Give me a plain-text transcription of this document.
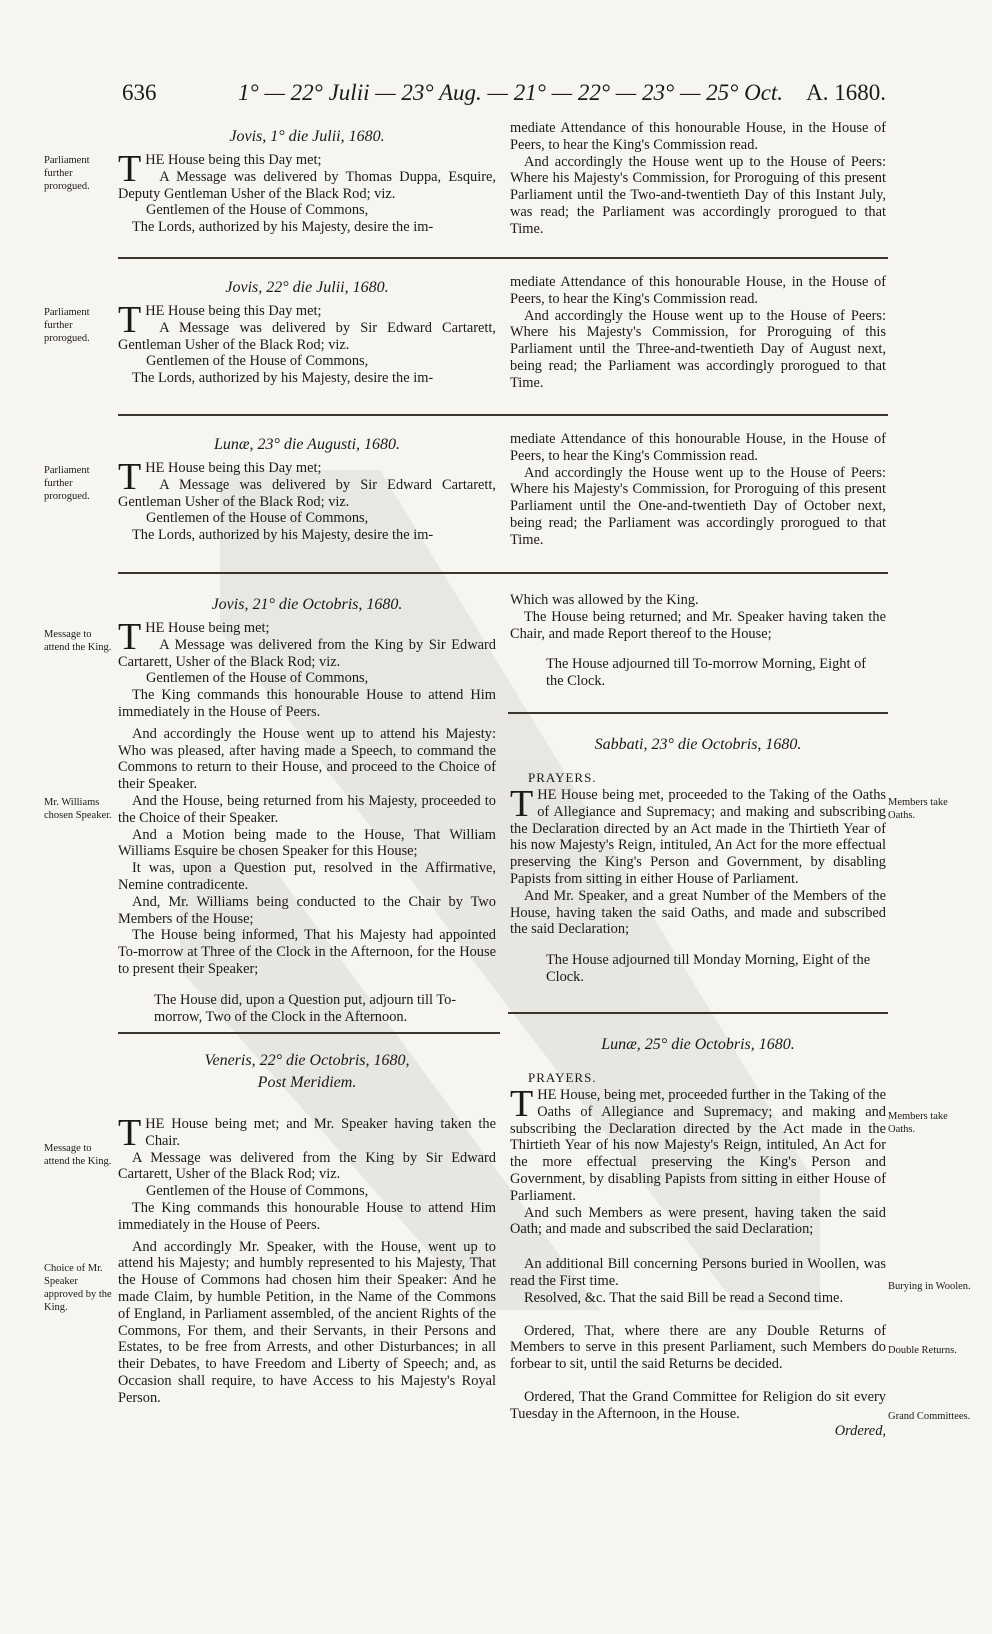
636	1° — 22° Julii — 23° Aug. — 21° — 22° — 23° — 25° Oct. A. 1680.
Parliament further prorogued.
Jovis, 1° die Julii, 1680.
T HE House being this Day met;

A Message was delivered by Thomas Duppa, Esquire, Deputy Gentleman Usher of the Black Rod; viz.

Gentlemen of the House of Commons,

The Lords, authorized by his Majesty, desire the im-

mediate Attendance of this honourable House, in the House of Peers, to hear the King's Commission read.

And accordingly the House went up to the House of Peers: Where his Majesty's Commission, for Proroguing of this present Parliament until the Two-and-twentieth Day of this Instant July, was read; the Parliament was accordingly prorogued to that Time.

Parliament further prorogued.
Jovis, 22° die Julii, 1680.
T HE House being this Day met;

A Message was delivered by Sir Edward Cartarett, Gentleman Usher of the Black Rod; viz.

Gentlemen of the House of Commons,

The Lords, authorized by his Majesty, desire the im-

mediate Attendance of this honourable House, in the House of Peers, to hear the King's Commission read.

And accordingly the House went up to the House of Peers: Where his Majesty's Commission, for Proroguing of this Parliament until the Three-and-twentieth Day of August next, being read; the Parliament was accordingly prorogued to that Time.

Parliament further prorogued.
Lunæ, 23° die Augusti, 1680.
T HE House being this Day met;

A Message was delivered by Sir Edward Cartarett, Gentleman Usher of the Black Rod; viz.

Gentlemen of the House of Commons,

The Lords, authorized by his Majesty, desire the im-

mediate Attendance of this honourable House, in the House of Peers, to hear the King's Commission read.

And accordingly the House went up to the House of Peers: Where his Majesty's Commission, for Proroguing of this present Parliament until the One-and-twentieth Day of October next, being read; the Parliament was accordingly prorogued to that Time.

Message to attend the King.
Mr. Williams chosen Speaker.
Jovis, 21° die Octobris, 1680.
T HE House being met;

A Message was delivered from the King by Sir Edward Cartarett, Usher of the Black Rod; viz.

Gentlemen of the House of Commons,

The King commands this honourable House to attend Him immediately in the House of Peers.

And accordingly the House went up to attend his Majesty: Who was pleased, after having made a Speech, to command the Commons to return to their House, and proceed to the Choice of their Speaker.

And the House, being returned from his Majesty, proceeded to the Choice of their Speaker.

And a Motion being made to the House, That William Williams Esquire be chosen Speaker for this House;

It was, upon a Question put, resolved in the Affirmative, Nemine contradicente.

And, Mr. Williams being conducted to the Chair by Two Members of the House;

The House being informed, That his Majesty had appointed To-morrow at Three of the Clock in the Afternoon, for the House to present their Speaker;

The House did, upon a Question put, adjourn till To-morrow, Two of the Clock in the Afternoon.

Which was allowed by the King.

The House being returned; and Mr. Speaker having taken the Chair, and made Report thereof to the House;

The House adjourned till To-morrow Morning, Eight of the Clock.

Members take Oaths.
Sabbati, 23° die Octobris, 1680.
PRAYERS.
T HE House being met, proceeded to the Taking of the Oaths of Allegiance and Supremacy; and making and subscribing the Declaration directed by an Act made in the Thirtieth Year of his now Majesty's Reign, intituled, An Act for the more effectual preserving the King's Person and Government, by disabling Papists from sitting in either House of Parliament.

And Mr. Speaker, and a great Number of the Members of the House, having taken the said Oaths, and made and subscribed the said Declaration;

The House adjourned till Monday Morning, Eight of the Clock.

Message to attend the King.
Choice of Mr. Speaker approved by the King.
Veneris, 22° die Octobris, 1680,
Post Meridiem.
T HE House being met; and Mr. Speaker having taken the Chair.

A Message was delivered from the King by Sir Edward Cartarett, Usher of the Black Rod; viz.

Gentlemen of the House of Commons,

The King commands this honourable House to attend Him immediately in the House of Peers.

And accordingly Mr. Speaker, with the House, went up to attend his Majesty; and humbly represented to his Majesty, That the House of Commons had chosen him their Speaker: And he made Claim, by humble Petition, in the Name of the Commons of England, in Parliament assembled, of the ancient Rights of the Commons, For them, and their Servants, in their Persons and Estates, to be free from Arrests, and other Disturbances; in all their Debates, to have Freedom and Liberty of Speech; and, as Occasion shall require, to have Access to his Majesty's Royal Person.

Members take Oaths.
Burying in Woolen.
Double Returns.
Grand Committees.
Lunæ, 25° die Octobris, 1680.
PRAYERS.
T HE House, being met, proceeded further in the Taking of the Oaths of Allegiance and Supremacy; and making and subscribing the Declaration directed by the Act made in the Thirtieth Year of his now Majesty's Reign, intituled, An Act for the more effectual preserving the King's Person and Government, by disabling Papists from sitting in either House of Parliament.

And such Members as were present, having taken the said Oath; and made and subscribed the said Declaration;

An additional Bill concerning Persons buried in Woollen, was read the First time.

Resolved, &c. That the said Bill be read a Second time.

Ordered, That, where there are any Double Returns of Members to serve in this present Parliament, such Members do forbear to sit, until the said Returns be decided.

Ordered, That the Grand Committee for Religion do sit every Tuesday in the Afternoon, in the House.

Ordered,
